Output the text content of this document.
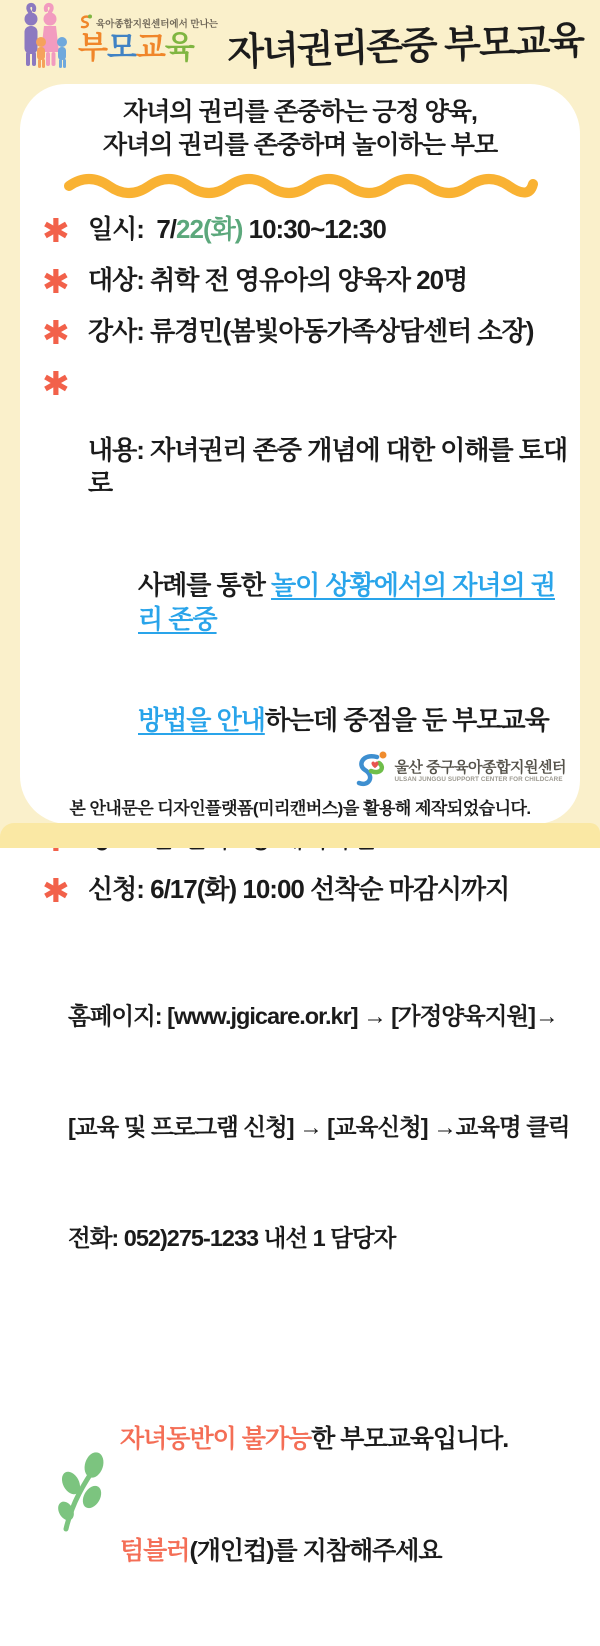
육아종합지원센터에서 만나는
부모교육 자녀권리존중 부모교육
자녀의 권리를 존중하는 긍정 양육,
자녀의 권리를 존중하며 놀이하는 부모
✱ 일시:  7/22(화) 10:30~12:30
✱ 대상: 취학 전 영유아의 양육자 20명
✱ 강사: 류경민(봄빛아동가족상담센터 소장)
✱

내용: 자녀권리 존중 개념에 대한 이해를 토대로

사례를 통한 놀이 상황에서의 자녀의 권리 존중

방법을 안내하는데 중점을 둔 부모교육

✱ 신청: 6/17(화) 10:00 선착순 마감시까지

홈페이지: [www.jgicare.or.kr] → [가정양육지원]→

[교육 및 프로그램 신청] → [교육신청] →교육명 클릭

전화: 052)275-1233 내선 1 담당자

자녀동반이 불가능한 부모교육입니다.

텀블러(개인컵)를 지참해주세요

울산 중구육아종합지원센터
ULSAN JUNGGU SUPPORT CENTER FOR CHILDCARE
본 안내문은 디자인플랫폼(미리캔버스)을 활용해 제작되었습니다.
